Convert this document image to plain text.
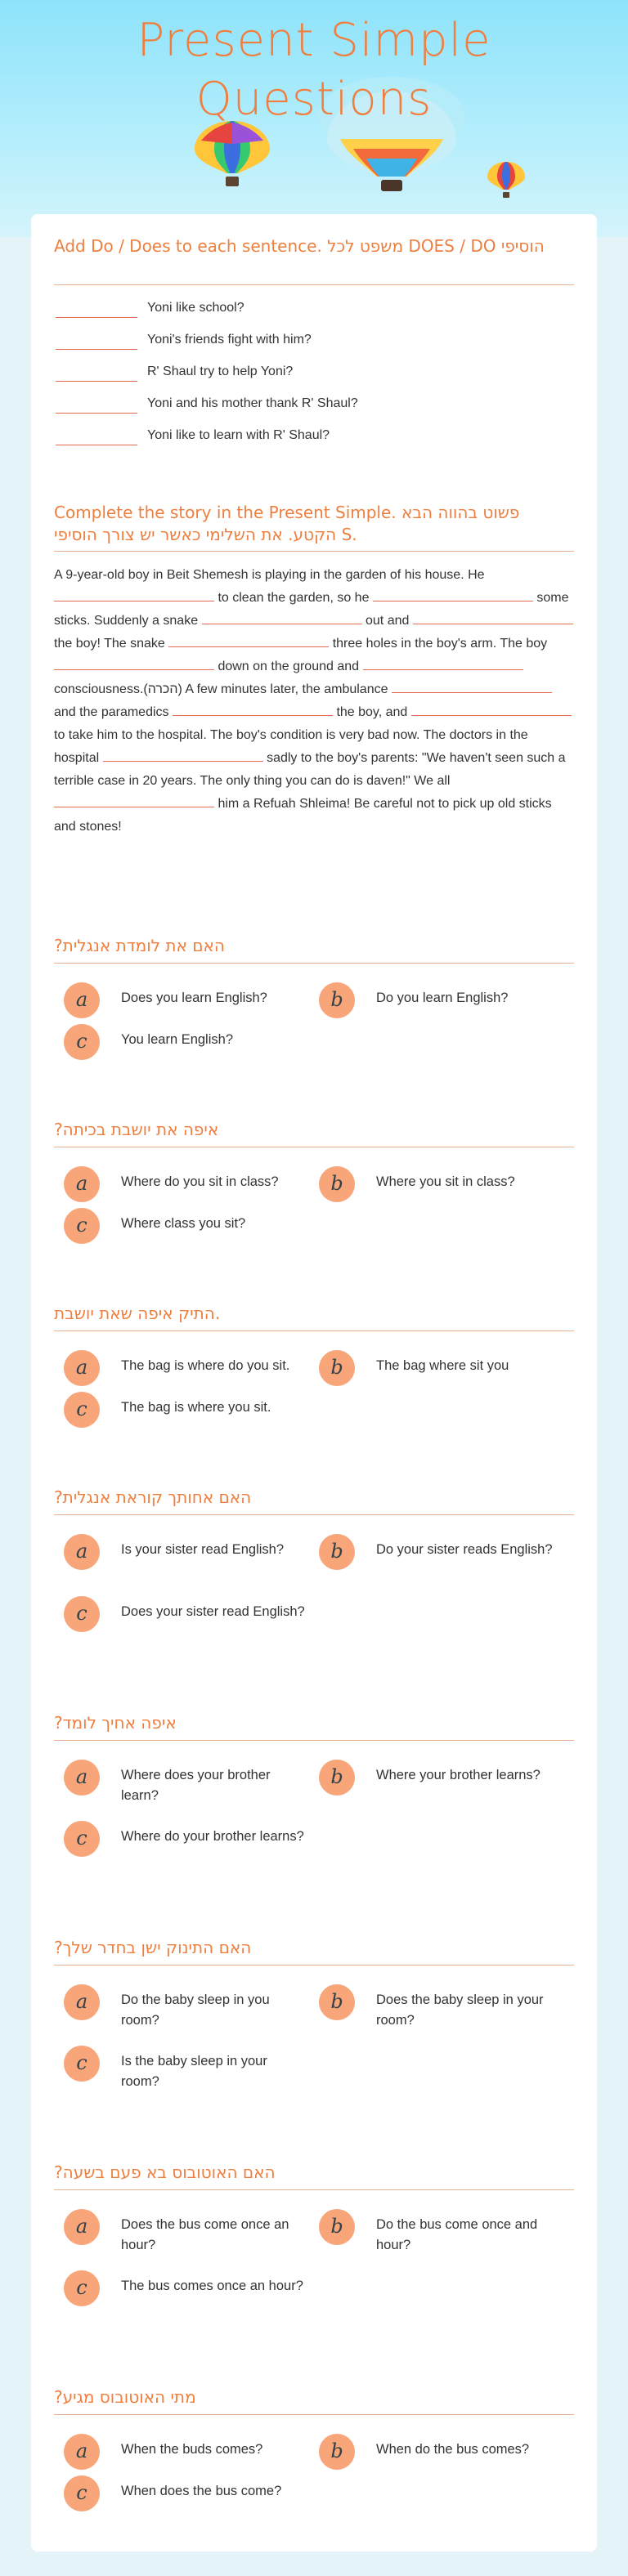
Present Simple
Questions
Add Do / Does to each sentence. משפט לכל DOES / DO הוסיפי
Yoni like school?
Yoni's friends fight with him?
R' Shaul try to help Yoni?
Yoni and his mother thank R' Shaul?
Yoni like to learn with R' Shaul?
Complete the story in the Present Simple. פשוט בהווה הבא הקטע. את השלימי כאשר יש צורך הוסיפי S.
A 9-year-old boy in Beit Shemesh is playing in the garden of his house. He  to clean the garden, so he	some sticks. Suddenly a snake	out and  the boy! The snake	three holes in the boy's arm. The boy  down on the ground and  consciousness.(הכרה) A few minutes later, the ambulance  and the paramedics	the boy, and  to take him to the hospital. The boy's condition is very bad now. The doctors in the hospital	sadly to the boy's parents: "We haven't seen such a terrible case in 20 years. The only thing you can do is daven!" We all  him a Refuah Shleima! Be careful not to pick up old sticks and stones!
?האם את לומדת אנגלית
a	Does you learn English?	b	Do you learn English?
c	You learn English?
?איפה את יושבת בכיתה
a	Where do you sit in class?	b	Where you sit in class?
c	Where class you sit?
התיק איפה שאת יושבת.
a	The bag is where do you sit.	b	The bag where sit you
c	The bag is where you sit.
?האם אחותך קוראת אנגלית
a	Is your sister read English?	b	Do your sister reads English?
c	Does your sister read English?
?איפה אחיך לומד
a	Where does your brother learn?
b	Where your brother learns?
c	Where do your brother learns?
?האם התינוק ישן בחדר שלך
a	Do the baby sleep in you room?
b	Does the baby sleep in your room?
c	Is the baby sleep in your room?
?האם האוטובוס בא פעם בשעה
a	Does the bus come once an hour?
b	Do the bus come once and hour?
c	The bus comes once an hour?
?מתי האוטובוס מגיע
a	When the buds comes?	b	When do the bus comes?
c	When does the bus come?
